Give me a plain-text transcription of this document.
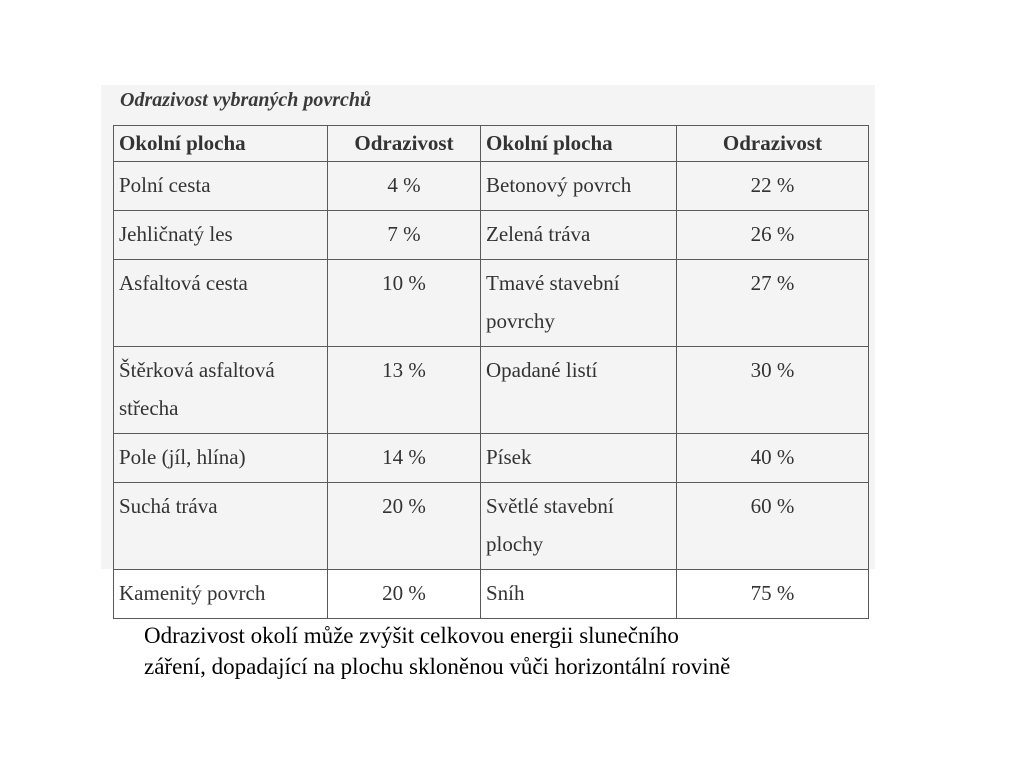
Odrazivost vybraných povrchů

Okolní plocha	Odrazivost	Okolní plocha	Odrazivost
Polní cesta	4 %	Betonový povrch	22 %
Jehličnatý les	7 %	Zelená tráva	26 %
Asfaltová cesta	10 %	Tmavé stavební povrchy	27 %
Štěrková asfaltová střecha	13 %	Opadané listí	30 %
Pole (jíl, hlína)	14 %	Písek	40 %
Suchá tráva	20 %	Světlé stavební plochy	60 %
Kamenitý povrch	20 %	Sníh	75 %

Odrazivost okolí může zvýšit celkovou energii slunečního
záření, dopadající na plochu skloněnou vůči horizontální rovině
